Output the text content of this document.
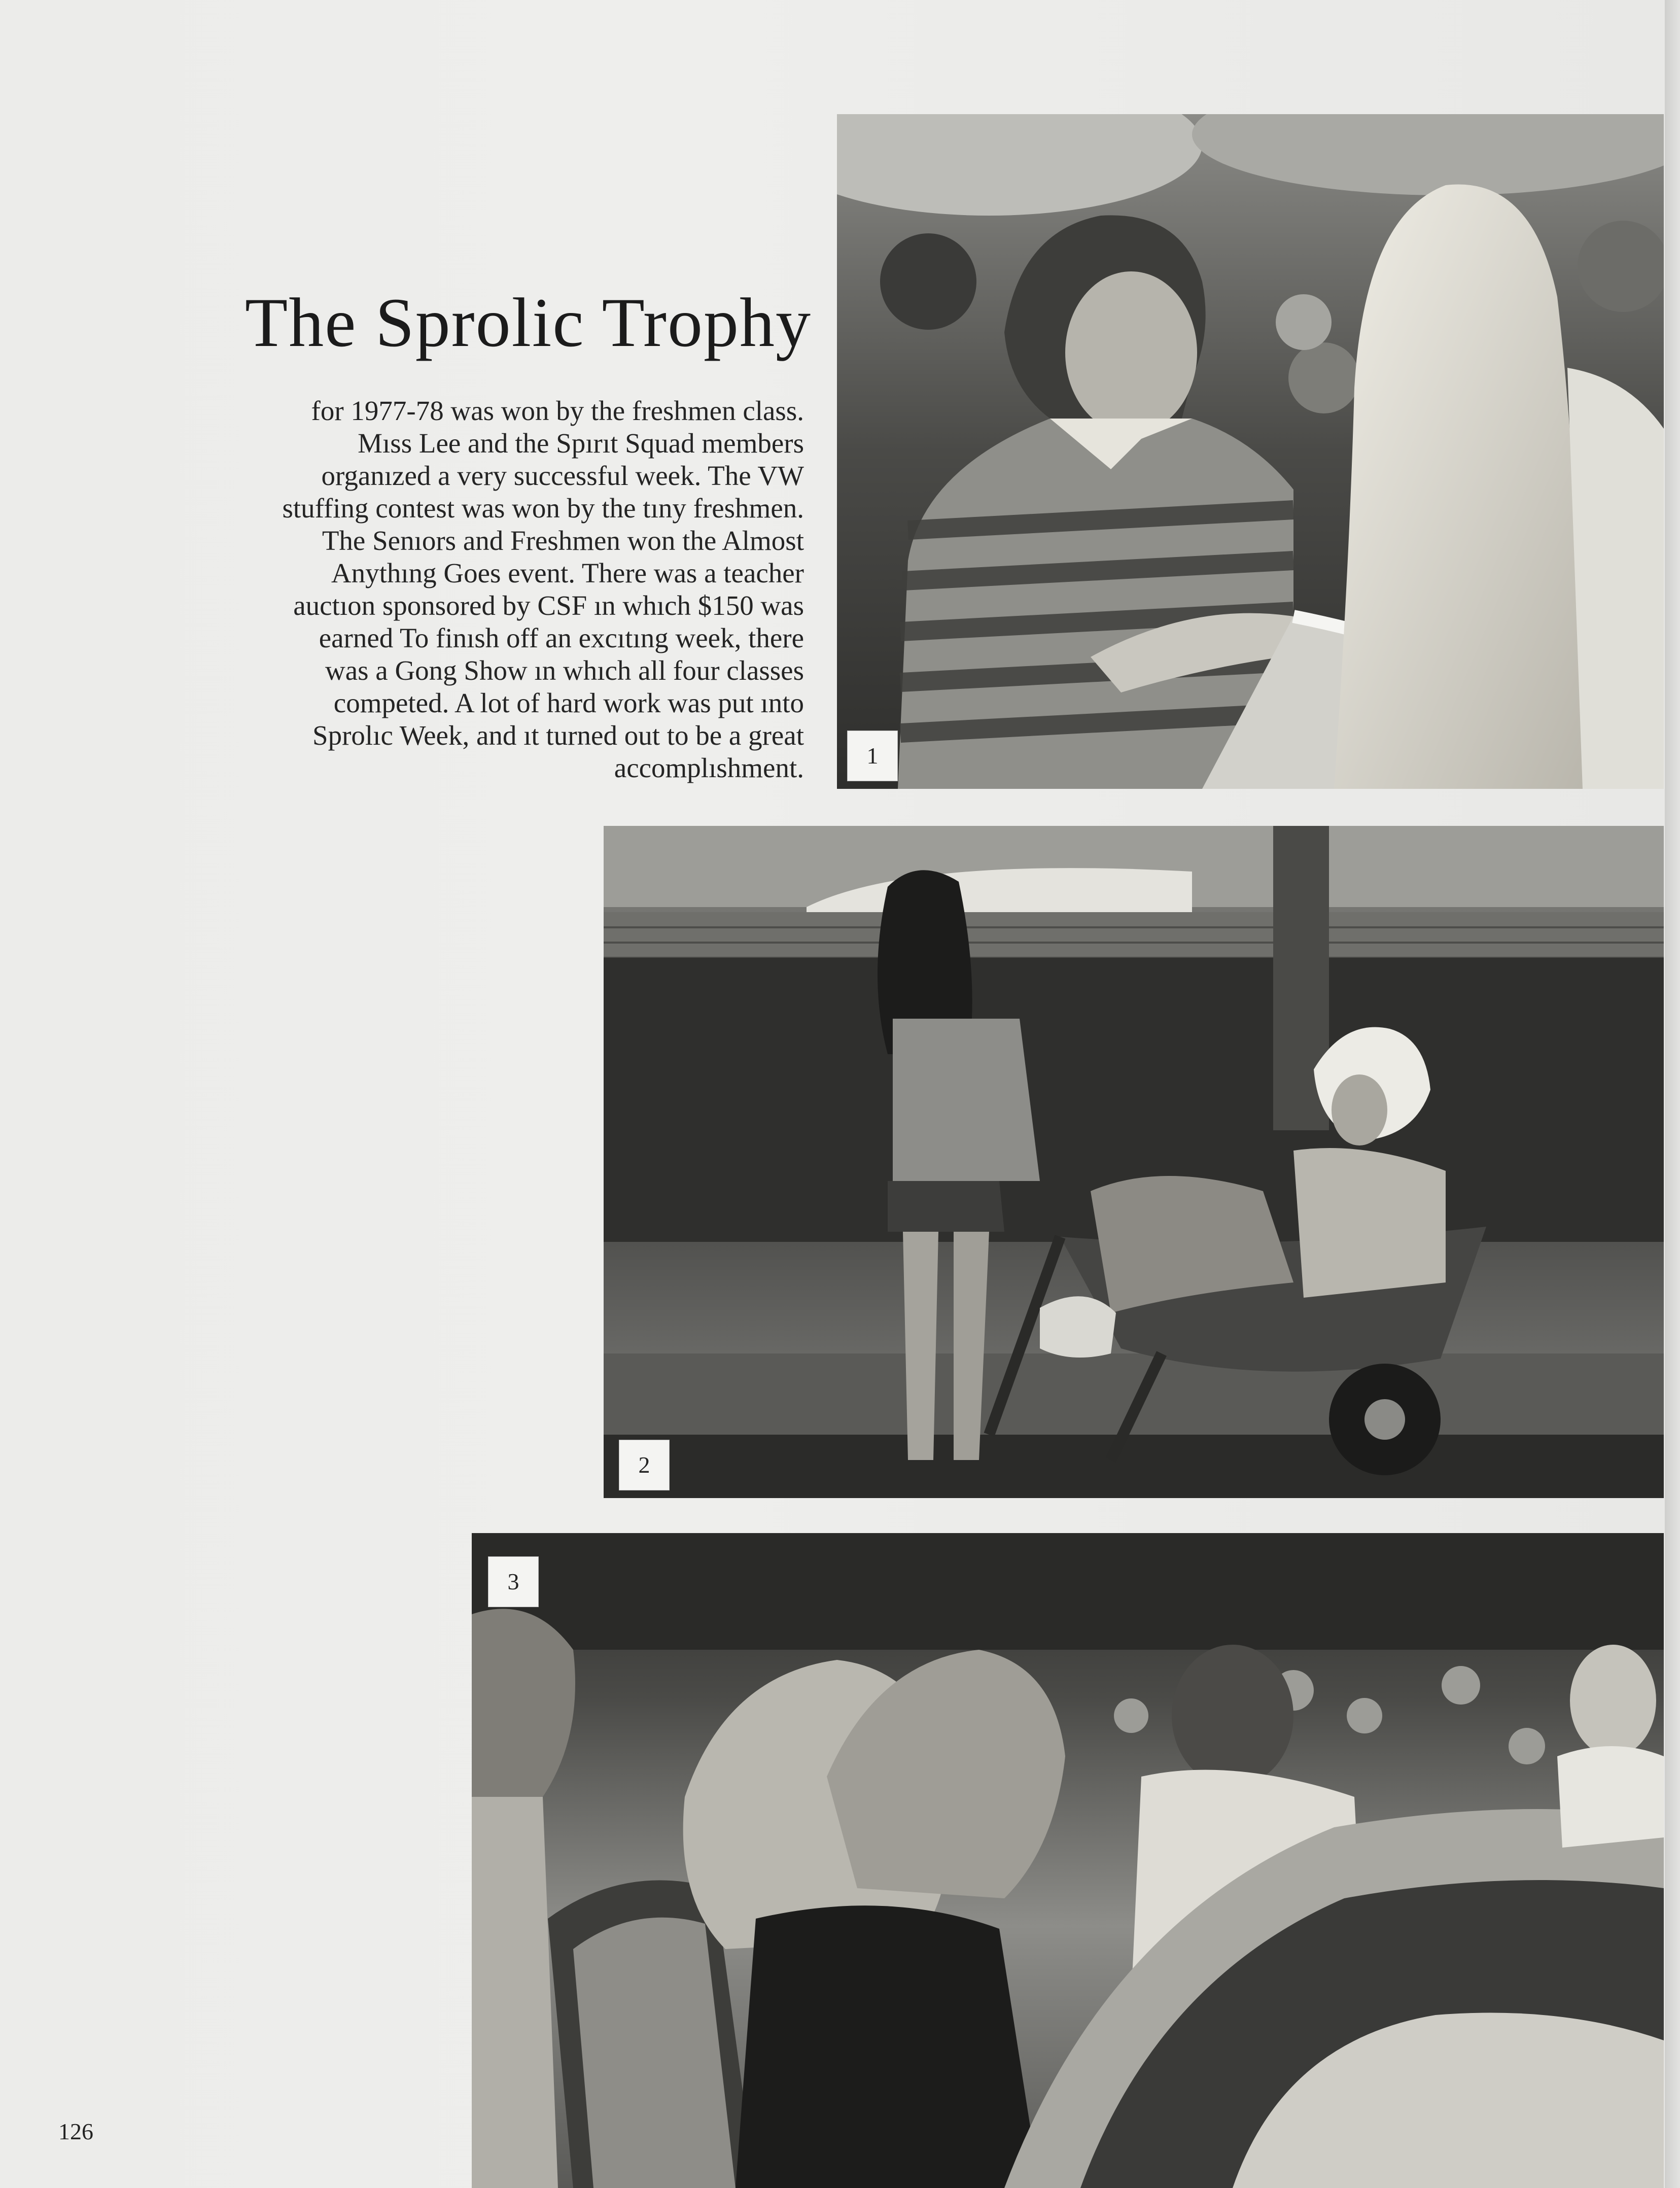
The Sprolic Trophy
for 1977-78 was won by the freshmen class.
Mıss Lee and the Spırıt Squad members
organızed a very successful week. The VW
stuffing contest was won by the tıny freshmen.
The Senıors and Freshmen won the Almost
Anythıng Goes event. There was a teacher
auctıon sponsored by CSF ın whıch $150 was
earned To finısh off an excıtıng week, there
was a Gong Show ın whıch all four classes
competed. A lot of hard work was put ınto
Sprolıc Week, and ıt turned out to be a great
accomplıshment.	1
2
3
126
